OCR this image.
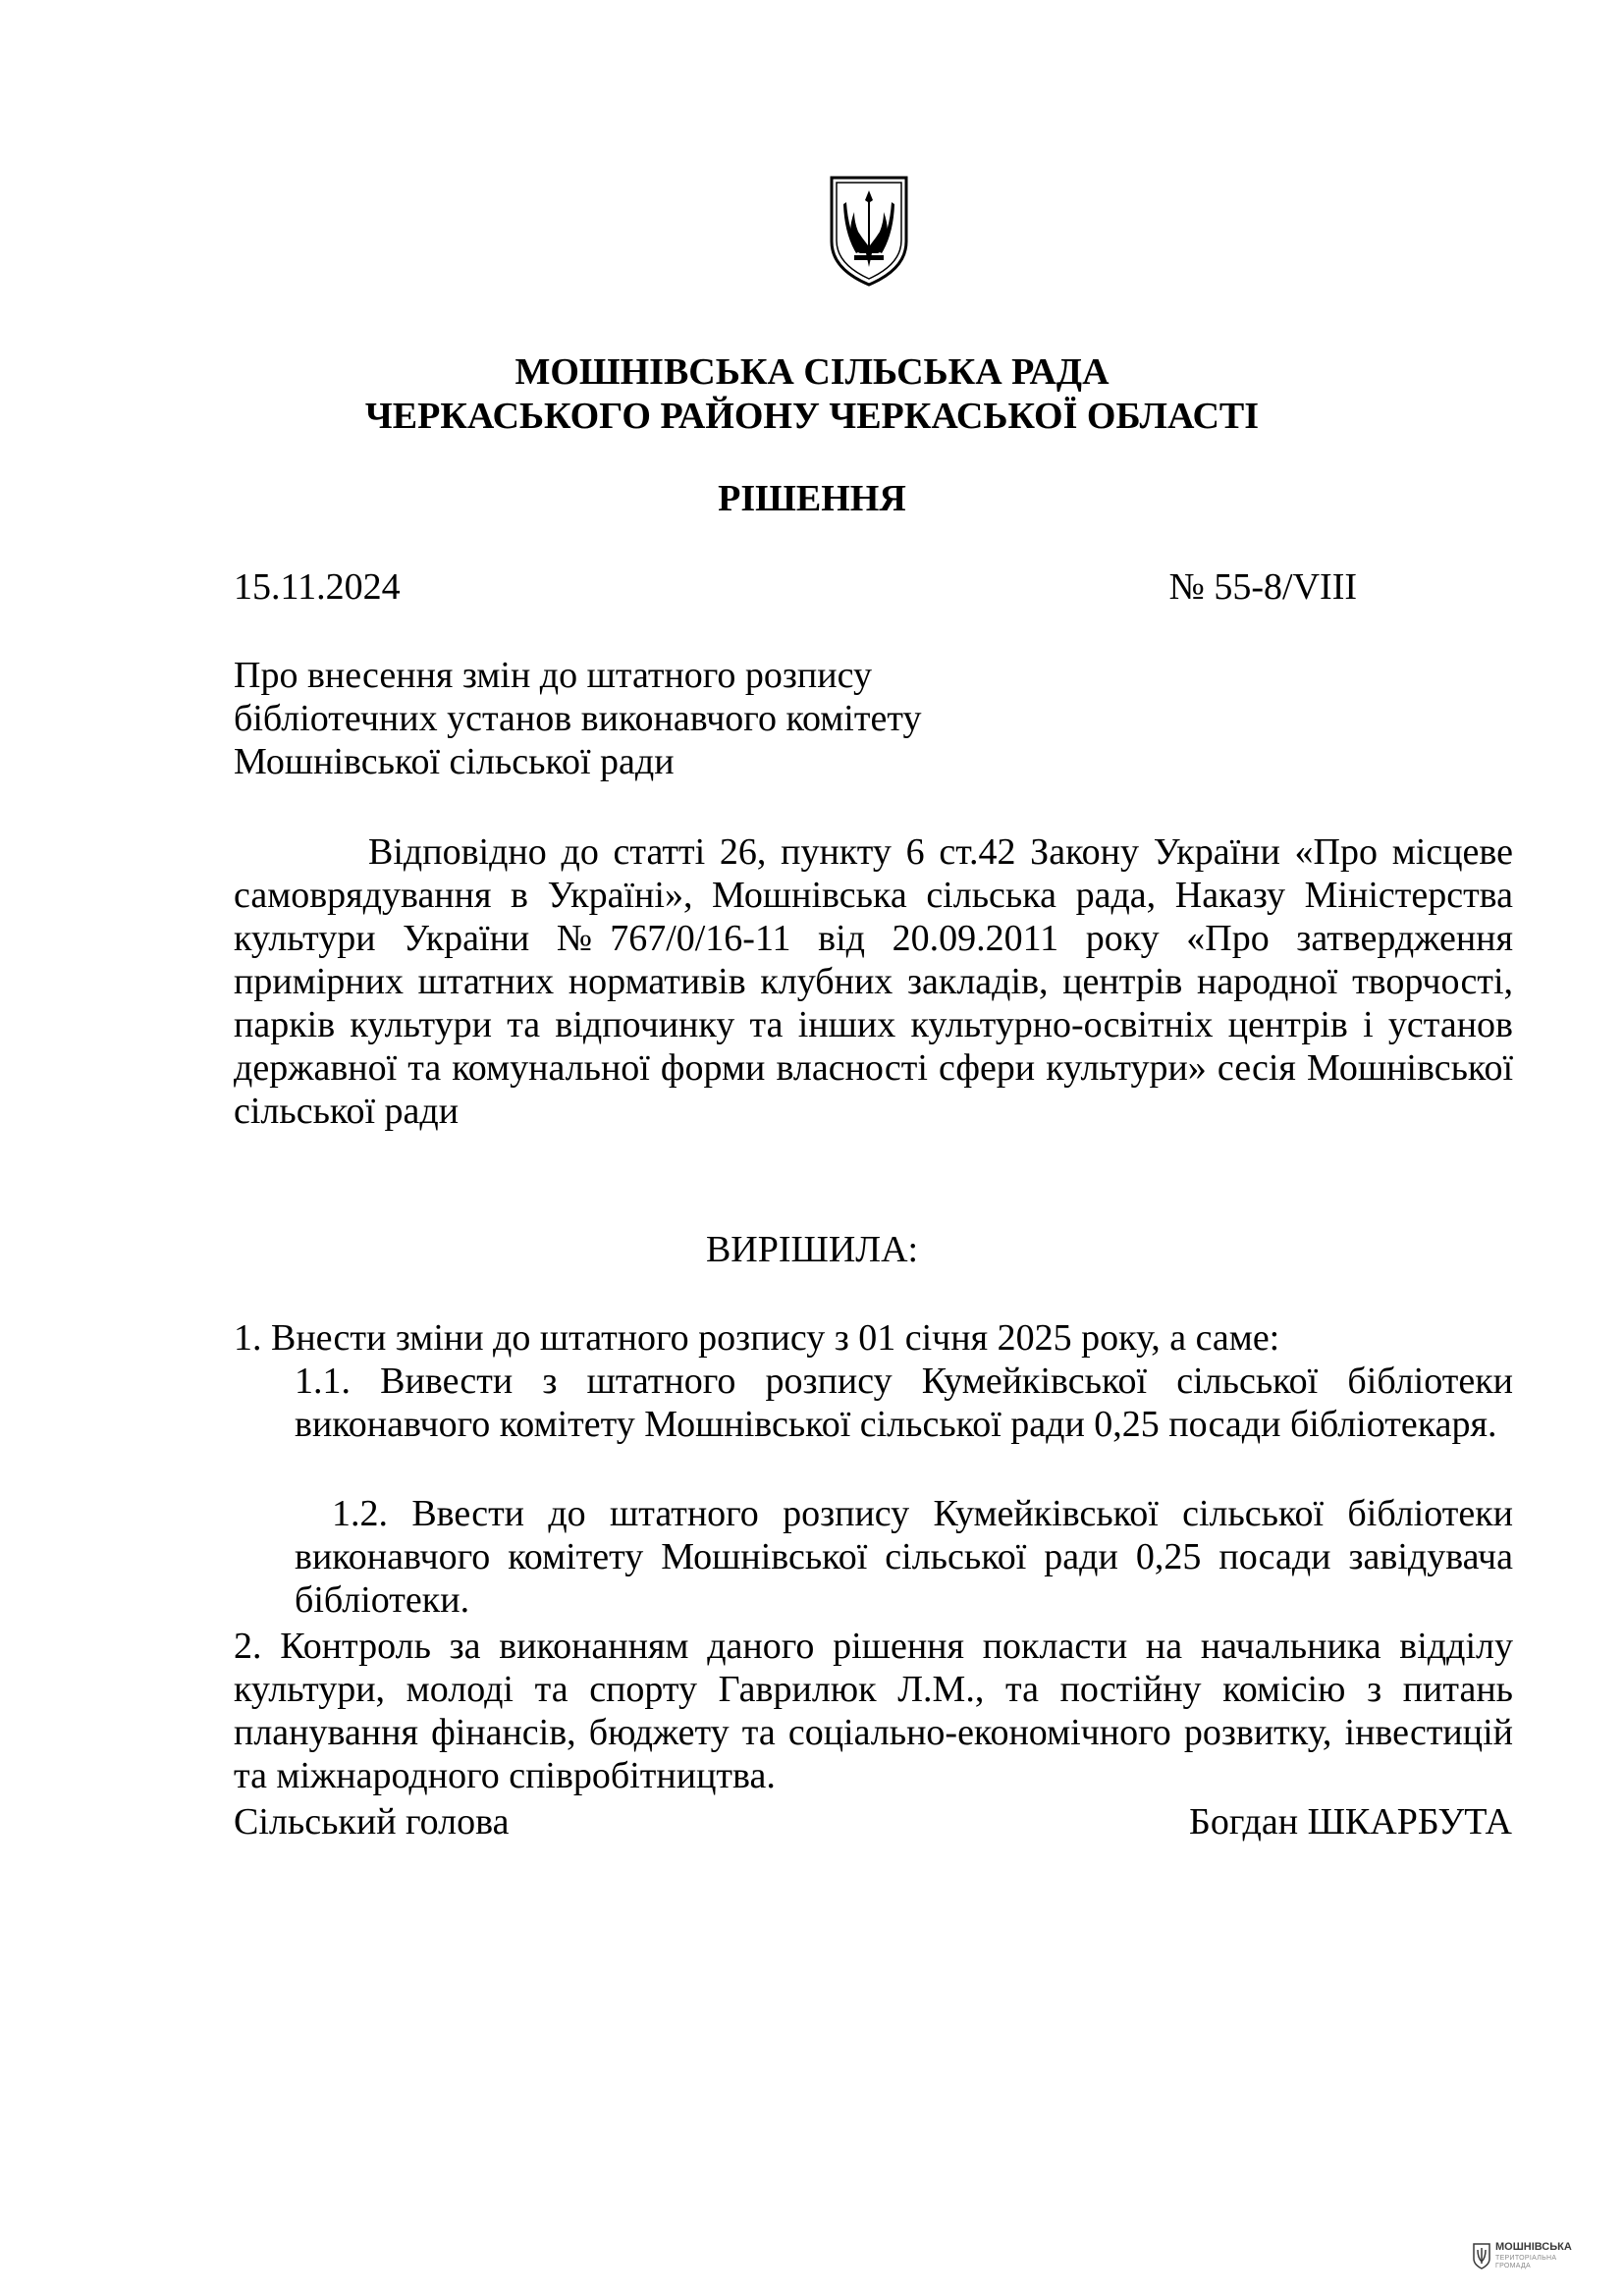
МОШНІВСЬКА СІЛЬСЬКА РАДА
ЧЕРКАСЬКОГО РАЙОНУ ЧЕРКАСЬКОЇ ОБЛАСТІ
РІШЕННЯ
15.11.2024	№ 55-8/VIII
Про внесення змін до штатного розпису
бібліотечних установ виконавчого комітету
Мошнівської сільської ради
Відповідно до статті 26, пункту 6 ст.42 Закону України «Про місцеве самоврядування в Україні», Мошнівська сільська рада, Наказу Міністерства культури України №767/0/16-11 від 20.09.2011 року «Про затвердження примірних штатних нормативів клубних закладів, центрів народної творчості, парків культури та відпочинку та інших культурно-освітніх центрів і установ державної та комунальної форми власності сфери культури» сесія Мошнівської сільської ради
ВИРІШИЛА:
1. Внести зміни до штатного розпису з 01 січня 2025 року, а саме:
1.1. Вивести з штатного розпису Кумейківської сільської бібліотеки виконавчого комітету Мошнівської сільської ради 0,25 посади бібліотекаря.
1.2. Ввести до штатного розпису Кумейківської сільської бібліотеки виконавчого комітету Мошнівської сільської ради 0,25 посади завідувача бібліотеки.
2. Контроль за виконанням даного рішення покласти на начальника відділу культури, молоді та спорту Гаврилюк Л.М., та постійну комісію з питань планування фінансів, бюджету та соціально-економічного розвитку, інвестицій та міжнародного співробітництва.
Сільський голова	Богдан ШКАРБУТА
МОШНІВСЬКА
ТЕРИТОРІАЛЬНА
ГРОМАДА
